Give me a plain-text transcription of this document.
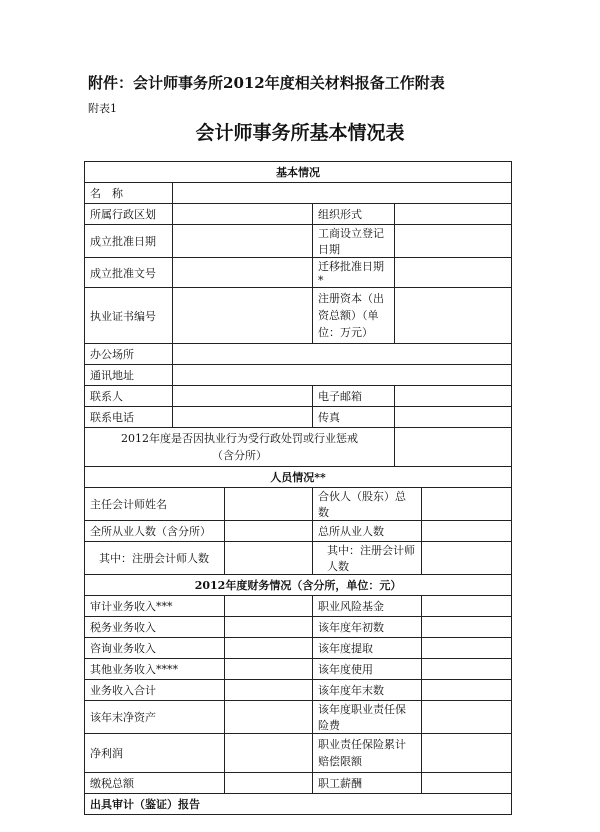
附件：会计师事务所2012年度相关材料报备工作附表
附表1
会计师事务所基本情况表
基本情况					
名　称					
所属行政区划			组织形式		
成立批准日期			工商设立登记日期		
成立批准文号			迁移批准日期*		
执业证书编号			注册资本（出资总额）（单位：万元）		
办公场所					
通讯地址					
联系人			电子邮箱		
联系电话			传真		

2012年度是否因执业行为受行政处罚或行业惩戒
（含分所）					

人员情况**					
主任会计师姓名			合伙人（股东）总数		
全所从业人数（含分所）			总所从业人数		
其中：注册会计师人数			其中：注册会计师人数		
2012年度财务情况（含分所，单位：元）					
审计业务收入***			职业风险基金		
税务业务收入			该年度年初数		
咨询业务收入			该年度提取		
其他业务收入****			该年度使用		
业务收入合计			该年度年末数		
该年末净资产			该年度职业责任保险费		
净利润			职业责任保险累计赔偿限额		
缴税总额			职工薪酬		
出具审计（鉴证）报告					
